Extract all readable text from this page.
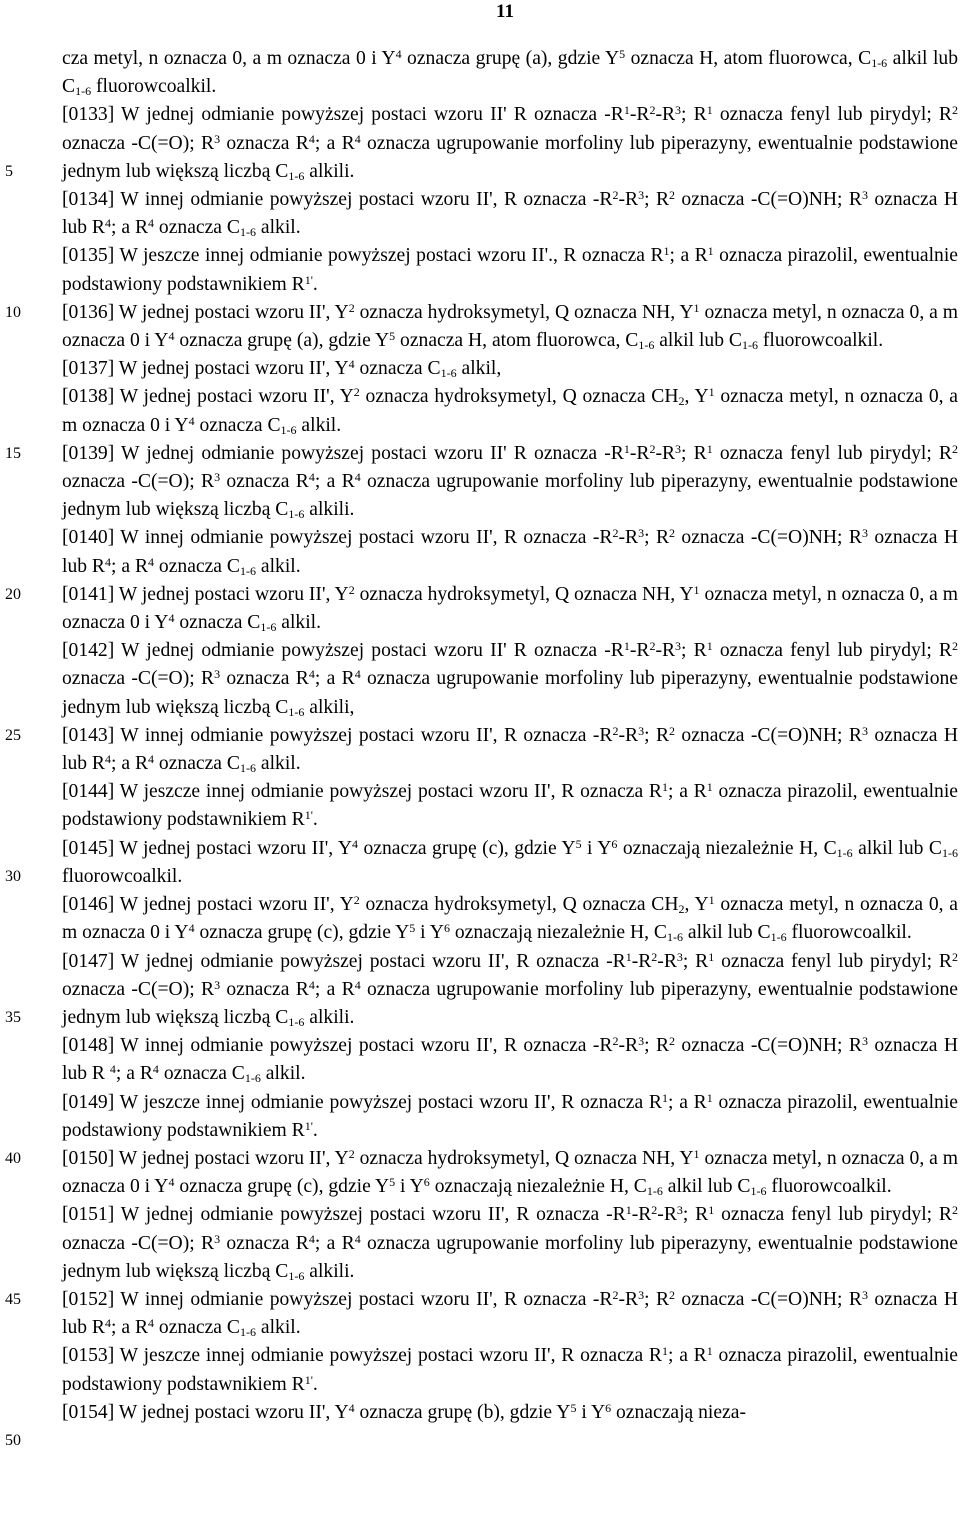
11
5
10
15
20
25
30
35
40
45
50

cza metyl, n oznacza 0, a m oznacza 0 i $Y^4$ oznacza grupę (a), gdzie $Y^5$ oznacza H, atom fluorowca, $C_{1-6}$ alkil lub $C_{1-6}$ fluorowcoalkil.

[0133] W jednej odmianie powyższej postaci wzoru II' R oznacza $-R^1-R^2-R^3$; $R^1$ oznacza fenyl lub pirydyl; $R^2$ oznacza -C(=O); $R^3$ oznacza $R^4$; a $R^4$ oznacza ugrupowanie morfoliny lub piperazyny, ewentualnie podstawione jednym lub większą liczbą $C_{1-6}$ alkili.

[0134] W innej odmianie powyższej postaci wzoru II', R oznacza $-R^2-R^3$; $R^2$ oznacza -C(=O)NH; $R^3$ oznacza H lub $R^4$; a $R^4$ oznacza $C_{1-6}$ alkil.

[0135] W jeszcze innej odmianie powyższej postaci wzoru II'., R oznacza $R^1$; a $R^1$ oznacza pirazolil, ewentualnie podstawiony podstawnikiem $R^{1'}$.

[0136] W jednej postaci wzoru II', $Y^2$ oznacza hydroksymetyl, Q oznacza NH, $Y^1$ oznacza metyl, n oznacza 0, a m oznacza 0 i $Y^4$ oznacza grupę (a), gdzie $Y^5$ oznacza H, atom fluorowca, $C_{1-6}$ alkil lub $C_{1-6}$ fluorowcoalkil.

[0137] W jednej postaci wzoru II', $Y^4$ oznacza $C_{1-6}$ alkil,

[0138] W jednej postaci wzoru II', $Y^2$ oznacza hydroksymetyl, Q oznacza $CH_2$, $Y^1$ oznacza metyl, n oznacza 0, a m oznacza 0 i $Y^4$ oznacza $C_{1-6}$ alkil.

[0139] W jednej odmianie powyższej postaci wzoru II' R oznacza $-R^1-R^2-R^3$; $R^1$ oznacza fenyl lub pirydyl; $R^2$ oznacza -C(=O); $R^3$ oznacza $R^4$; a $R^4$ oznacza ugrupowanie morfoliny lub piperazyny, ewentualnie podstawione jednym lub większą liczbą $C_{1-6}$ alkili.

[0140] W innej odmianie powyższej postaci wzoru II', R oznacza $-R^2-R^3$; $R^2$ oznacza -C(=O)NH; $R^3$ oznacza H lub $R^4$; a $R^4$ oznacza $C_{1-6}$ alkil.

[0141] W jednej postaci wzoru II', $Y^2$ oznacza hydroksymetyl, Q oznacza NH, $Y^1$ oznacza metyl, n oznacza 0, a m oznacza 0 i $Y^4$ oznacza $C_{1-6}$ alkil.

[0142] W jednej odmianie powyższej postaci wzoru II' R oznacza $-R^1-R^2-R^3$; $R^1$ oznacza fenyl lub pirydyl; $R^2$ oznacza -C(=O); $R^3$ oznacza $R^4$; a $R^4$ oznacza ugrupowanie morfoliny lub piperazyny, ewentualnie podstawione jednym lub większą liczbą $C_{1-6}$ alkili,

[0143] W innej odmianie powyższej postaci wzoru II', R oznacza $-R^2-R^3$; $R^2$ oznacza -C(=O)NH; $R^3$ oznacza H lub $R^4$; a $R^4$ oznacza $C_{1-6}$ alkil.

[0144] W jeszcze innej odmianie powyższej postaci wzoru II', R oznacza $R^1$; a $R^1$ oznacza pirazolil, ewentualnie podstawiony podstawnikiem $R^{1'}$.

[0145] W jednej postaci wzoru II', $Y^4$ oznacza grupę (c), gdzie $Y^5$ i $Y^6$ oznaczają niezależnie H, $C_{1-6}$ alkil lub $C_{1-6}$ fluorowcoalkil.

[0146] W jednej postaci wzoru II', $Y^2$ oznacza hydroksymetyl, Q oznacza $CH_2$, $Y^1$ oznacza metyl, n oznacza 0, a m oznacza 0 i $Y^4$ oznacza grupę (c), gdzie $Y^5$ i $Y^6$ oznaczają niezależnie H, $C_{1-6}$ alkil lub $C_{1-6}$ fluorowcoalkil.

[0147] W jednej odmianie powyższej postaci wzoru II', R oznacza $-R^1-R^2-R^3$; $R^1$ oznacza fenyl lub pirydyl; $R^2$ oznacza -C(=O); $R^3$ oznacza $R^4$; a $R^4$ oznacza ugrupowanie morfoliny lub piperazyny, ewentualnie podstawione jednym lub większą liczbą $C_{1-6}$ alkili.

[0148] W innej odmianie powyższej postaci wzoru II', R oznacza $-R^2-R^3$; $R^2$ oznacza -C(=O)NH; $R^3$ oznacza H lub R $^4$; a $R^4$ oznacza $C_{1-6}$ alkil.

[0149] W jeszcze innej odmianie powyższej postaci wzoru II', R oznacza $R^1$; a $R^1$ oznacza pirazolil, ewentualnie podstawiony podstawnikiem $R^{1'}$.

[0150] W jednej postaci wzoru II', $Y^2$ oznacza hydroksymetyl, Q oznacza NH, $Y^1$ oznacza metyl, n oznacza 0, a m oznacza 0 i $Y^4$ oznacza grupę (c), gdzie $Y^5$ i $Y^6$ oznaczają niezależnie H, $C_{1-6}$ alkil lub $C_{1-6}$ fluorowcoalkil.

[0151] W jednej odmianie powyższej postaci wzoru II', R oznacza $-R^1-R^2-R^3$; $R^1$ oznacza fenyl lub pirydyl; $R^2$ oznacza -C(=O); $R^3$ oznacza $R^4$; a $R^4$ oznacza ugrupowanie morfoliny lub piperazyny, ewentualnie podstawione jednym lub większą liczbą $C_{1-6}$ alkili.

[0152] W innej odmianie powyższej postaci wzoru II', R oznacza $-R^2-R^3$; $R^2$ oznacza -C(=O)NH; $R^3$ oznacza H lub $R^4$; a $R^4$ oznacza $C_{1-6}$ alkil.

[0153] W jeszcze innej odmianie powyższej postaci wzoru II', R oznacza $R^1$; a $R^1$ oznacza pirazolil, ewentualnie podstawiony podstawnikiem $R^{1'}$.

[0154] W jednej postaci wzoru II', $Y^4$ oznacza grupę (b), gdzie $Y^5$ i $Y^6$ oznaczają nieza-
